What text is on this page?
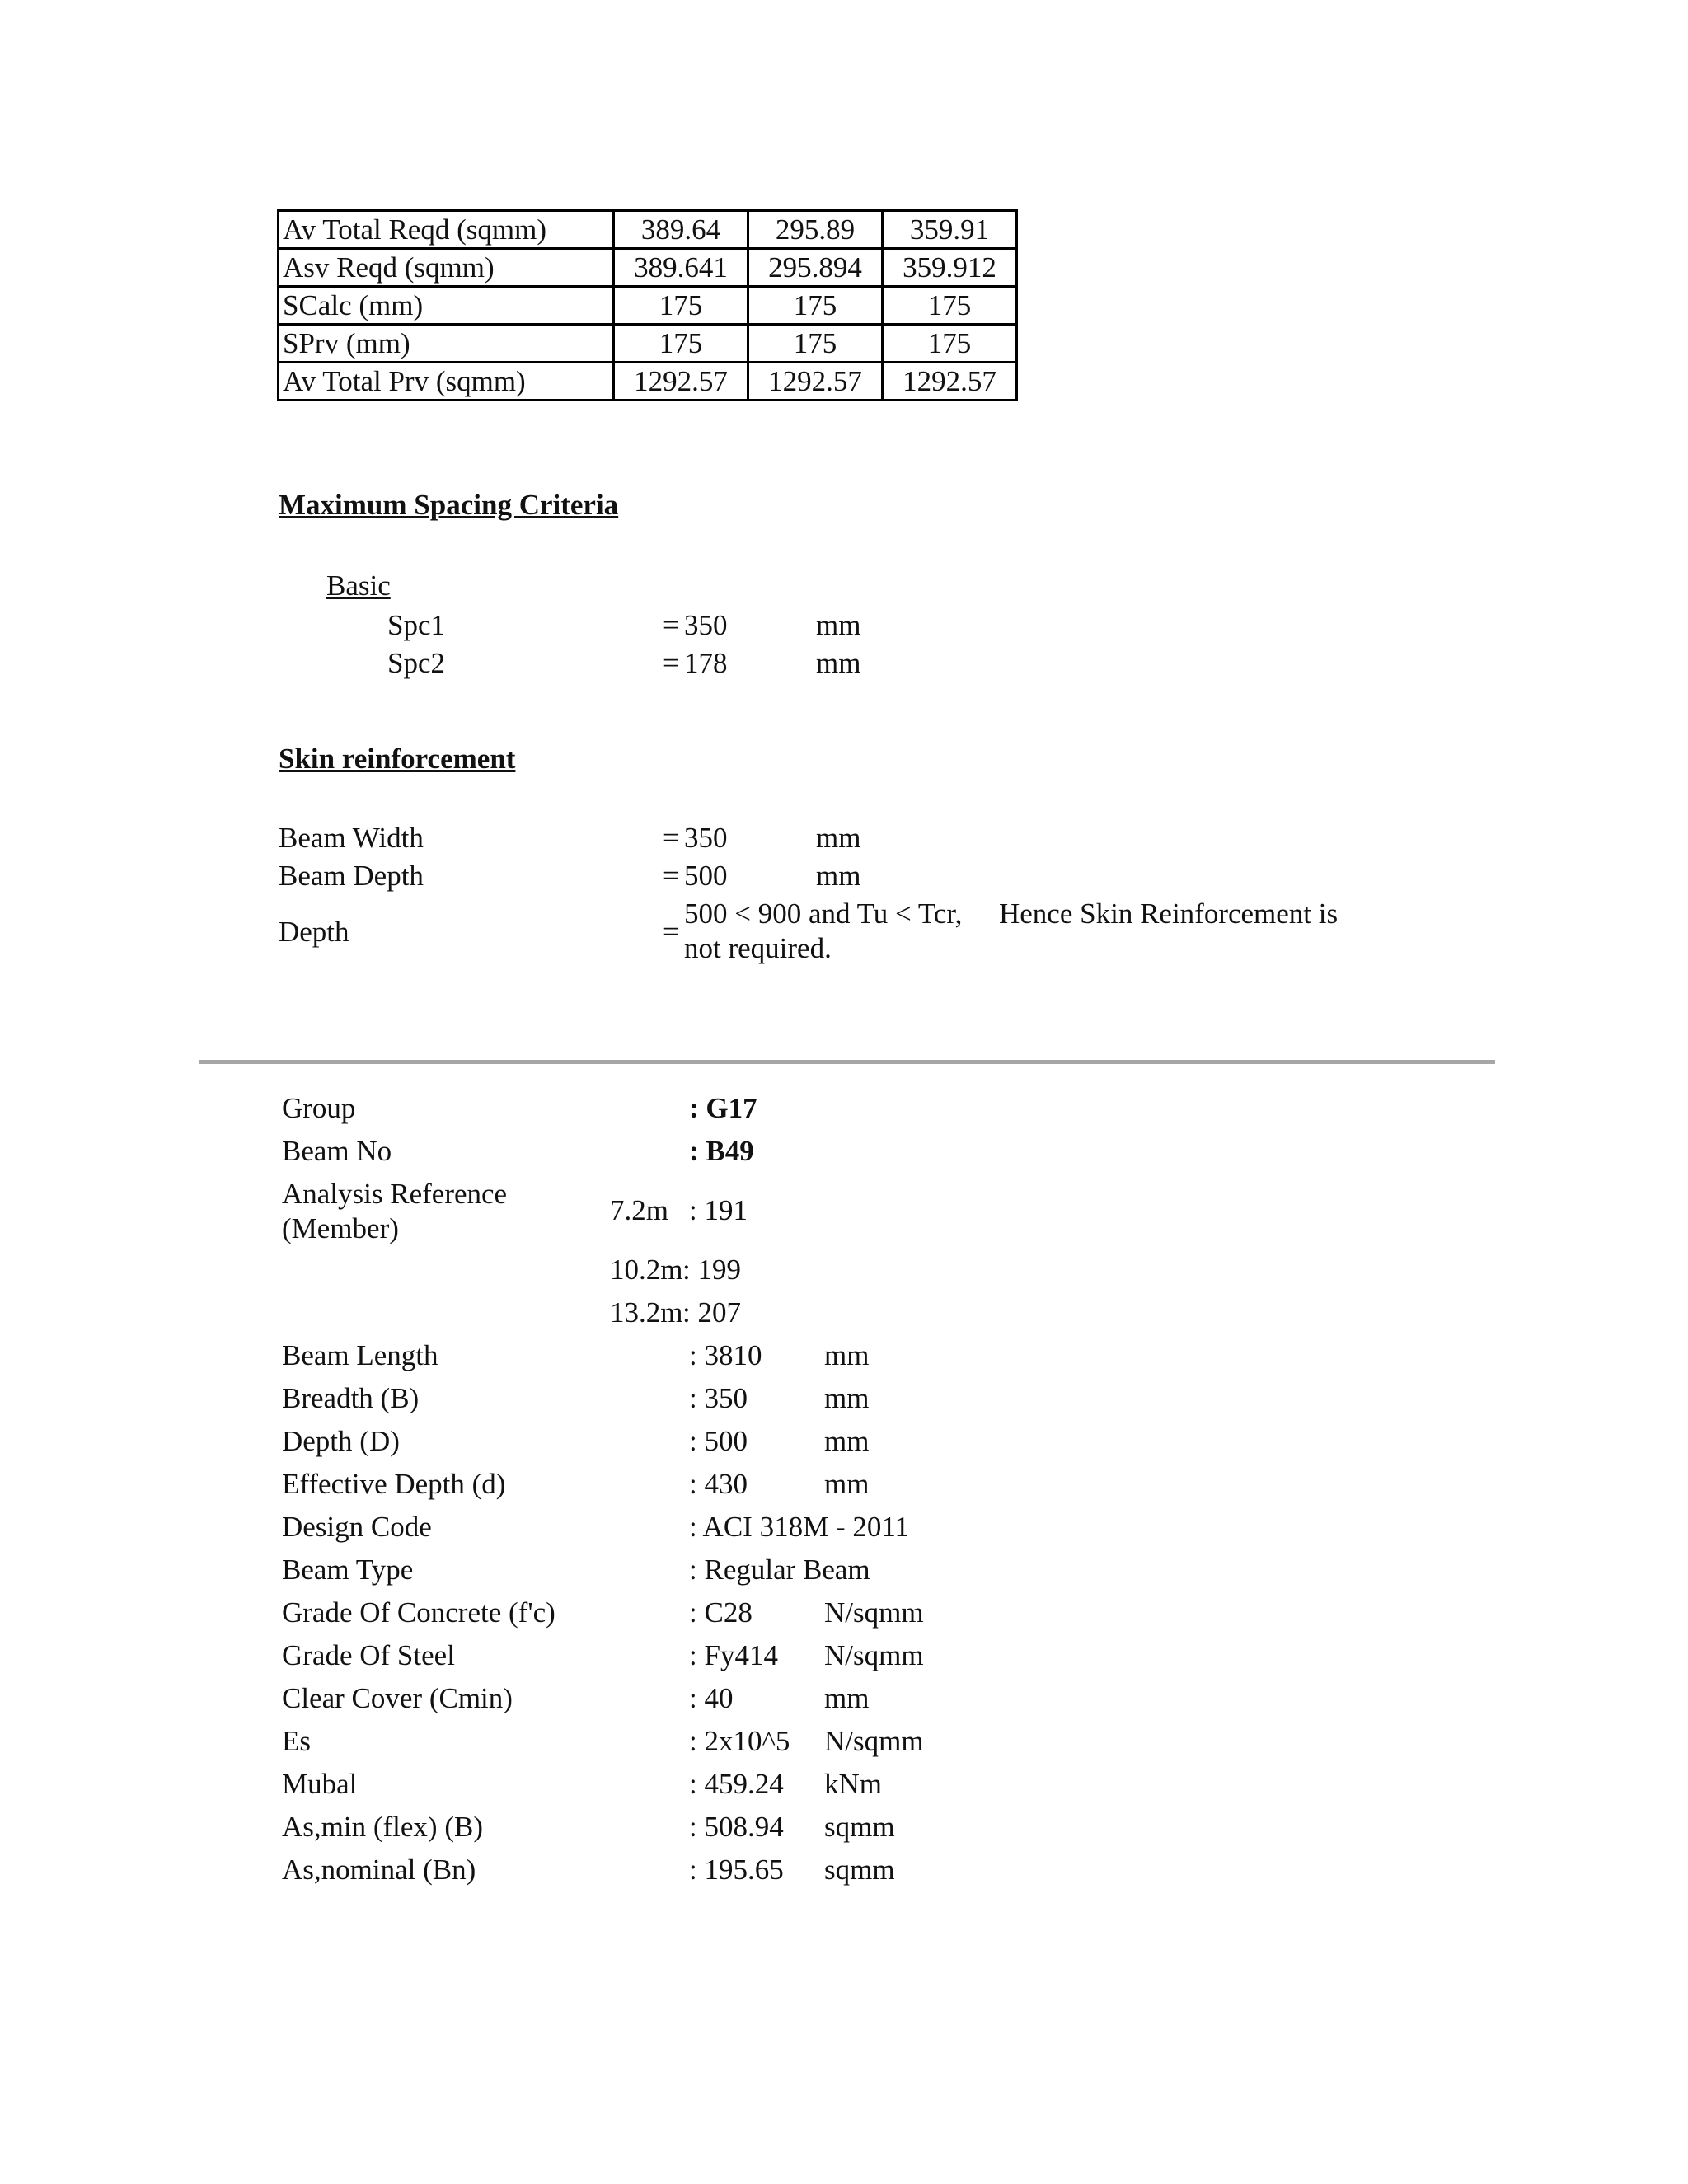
Av Total Reqd (sqmm)	389.64	295.89	359.91
Asv Reqd (sqmm)	389.641	295.894	359.912
SCalc (mm)	175	175	175
SPrv (mm)	175	175	175
Av Total Prv (sqmm)	1292.57	1292.57	1292.57
Maximum Spacing Criteria
Basic
Spc1	= 350	mm
Spc2	= 178	mm
Skin reinforcement
Beam Width	= 350	mm
Beam Depth	= 500	mm
Depth	=
500 < 900 and Tu < Tcr, Hence Skin Reinforcement is
not required.
Group	: G17
Beam No	: B49
Analysis Reference
(Member)
7.2m : 191
10.2m : 199
13.2m : 207
Beam Length	: 3810 mm
Breadth (B)	: 350	mm
Depth (D)	: 500	mm
Effective Depth (d)	: 430	mm
Design Code	: ACI 318M - 2011
Beam Type	: Regular Beam
Grade Of Concrete (f'c)	: C28 N/sqmm
Grade Of Steel	: Fy414 N/sqmm
Clear Cover (Cmin)	: 40	mm
Es	: 2x10^5 N/sqmm
Mubal	: 459.24 kNm
As,min (flex) (B)	: 508.94 sqmm
As,nominal (Bn)	: 195.65 sqmm
